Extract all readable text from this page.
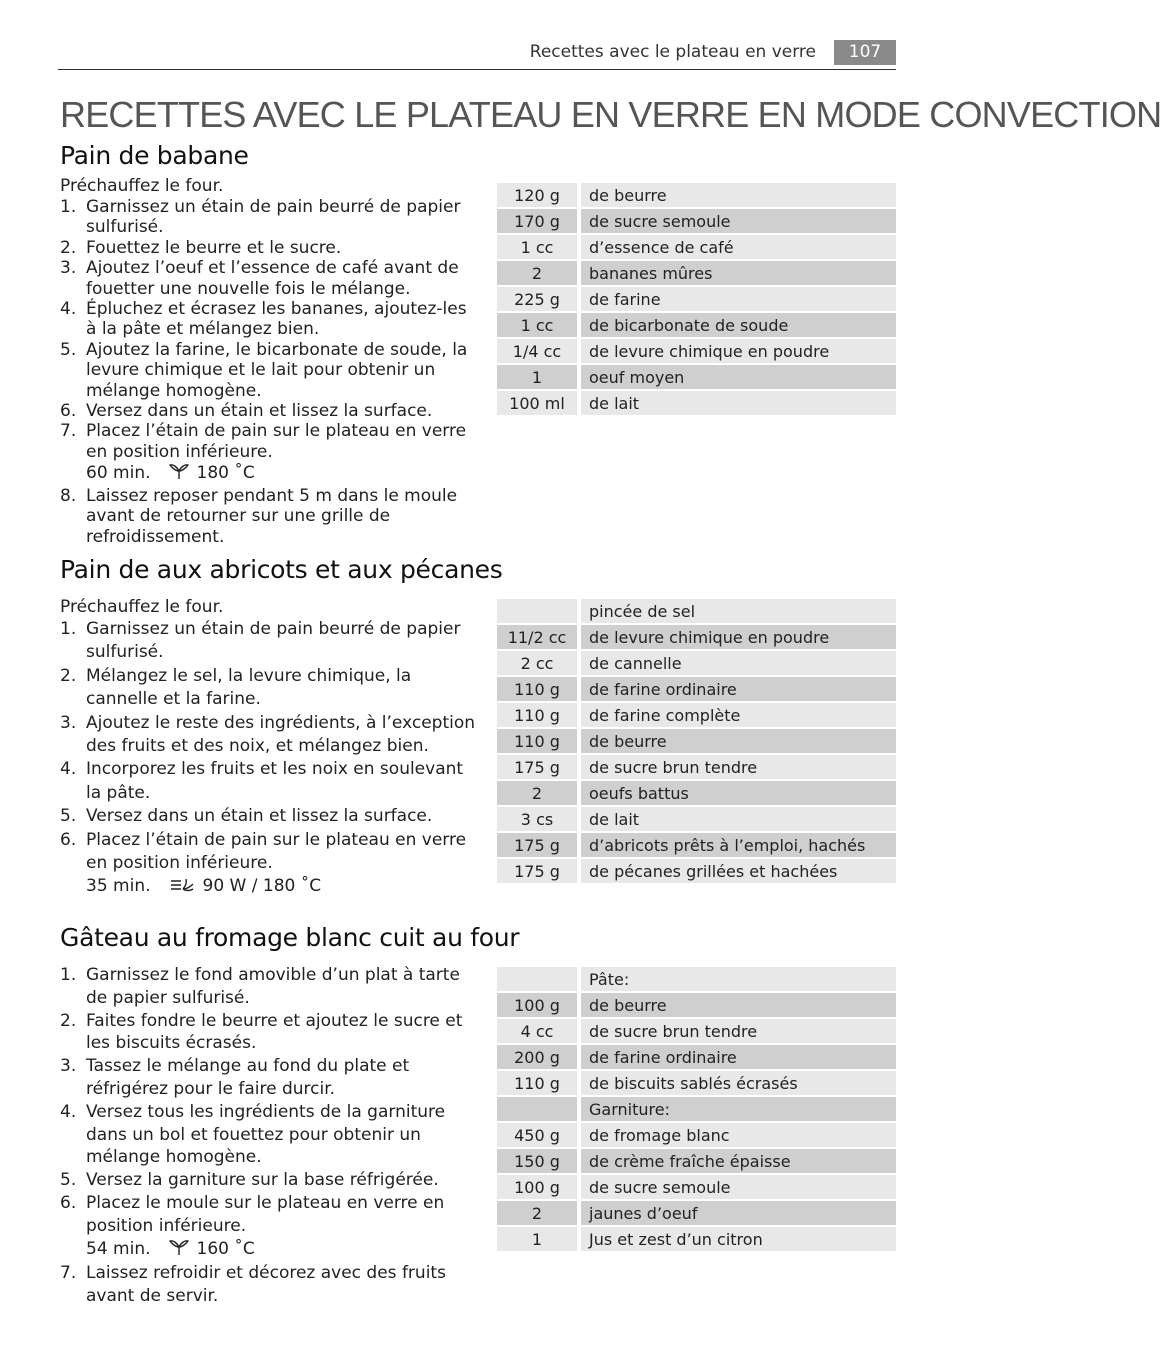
Recettes avec le plateau en verre	107
RECETTES AVEC LE PLATEAU EN VERRE EN MODE CONVECTION
Pain de babane
Préchauffez le four.
1. Garnissez un étain de pain beurré de papier sulfurisé.
2. Fouettez le beurre et le sucre.
3. Ajoutez l’oeuf et l’essence de café avant de fouetter une nouvelle fois le mélange.
4. Épluchez et écrasez les bananes, ajoutez-les à la pâte et mélangez bien.
5. Ajoutez la farine, le bicarbonate de soude, la levure chimique et le lait pour obtenir un mélange homogène.
6. Versez dans un étain et lissez la surface.
7. Placez l’étain de pain sur le plateau en verre en position inférieure.
60 min.	180 ˚C
8. Laissez reposer pendant 5 m dans le moule avant de retourner sur une grille de refroidissement.
120 g	de beurre
170 g	de sucre semoule
1 cc	d’essence de café
2	bananes mûres
225 g	de farine
1 cc	de bicarbonate de soude
1/4 cc	de levure chimique en poudre
1	oeuf moyen
100 ml	de lait
Pain de aux abricots et aux pécanes
Préchauffez le four.
1. Garnissez un étain de pain beurré de papier sulfurisé.
2. Mélangez le sel, la levure chimique, la cannelle et la farine.
3. Ajoutez le reste des ingrédients, à l’exception des fruits et des noix, et mélangez bien.
4. Incorporez les fruits et les noix en soulevant la pâte.
5. Versez dans un étain et lissez la surface.
6. Placez l’étain de pain sur le plateau en verre en position inférieure.
35 min.	90 W / 180 ˚C
	pincée de sel
11/2 cc	de levure chimique en poudre
2 cc	de cannelle
110 g	de farine ordinaire
110 g	de farine complète
110 g	de beurre
175 g	de sucre brun tendre
2	oeufs battus
3 cs	de lait
175 g	d’abricots prêts à l’emploi, hachés
175 g	de pécanes grillées et hachées
Gâteau au fromage blanc cuit au four
1. Garnissez le fond amovible d’un plat à tarte de papier sulfurisé.
2. Faites fondre le beurre et ajoutez le sucre et les biscuits écrasés.
3. Tassez le mélange au fond du plate et réfrigérez pour le faire durcir.
4. Versez tous les ingrédients de la garniture dans un bol et fouettez pour obtenir un mélange homogène.
5. Versez la garniture sur la base réfrigérée.
6. Placez le moule sur le plateau en verre en position inférieure.
54 min.	160 ˚C
7. Laissez refroidir et décorez avec des fruits avant de servir.
	Pâte:
100 g	de beurre
4 cc	de sucre brun tendre
200 g	de farine ordinaire
110 g	de biscuits sablés écrasés
	Garniture:
450 g	de fromage blanc
150 g	de crème fraîche épaisse
100 g	de sucre semoule
2	jaunes d’oeuf
1	Jus et zest d’un citron
